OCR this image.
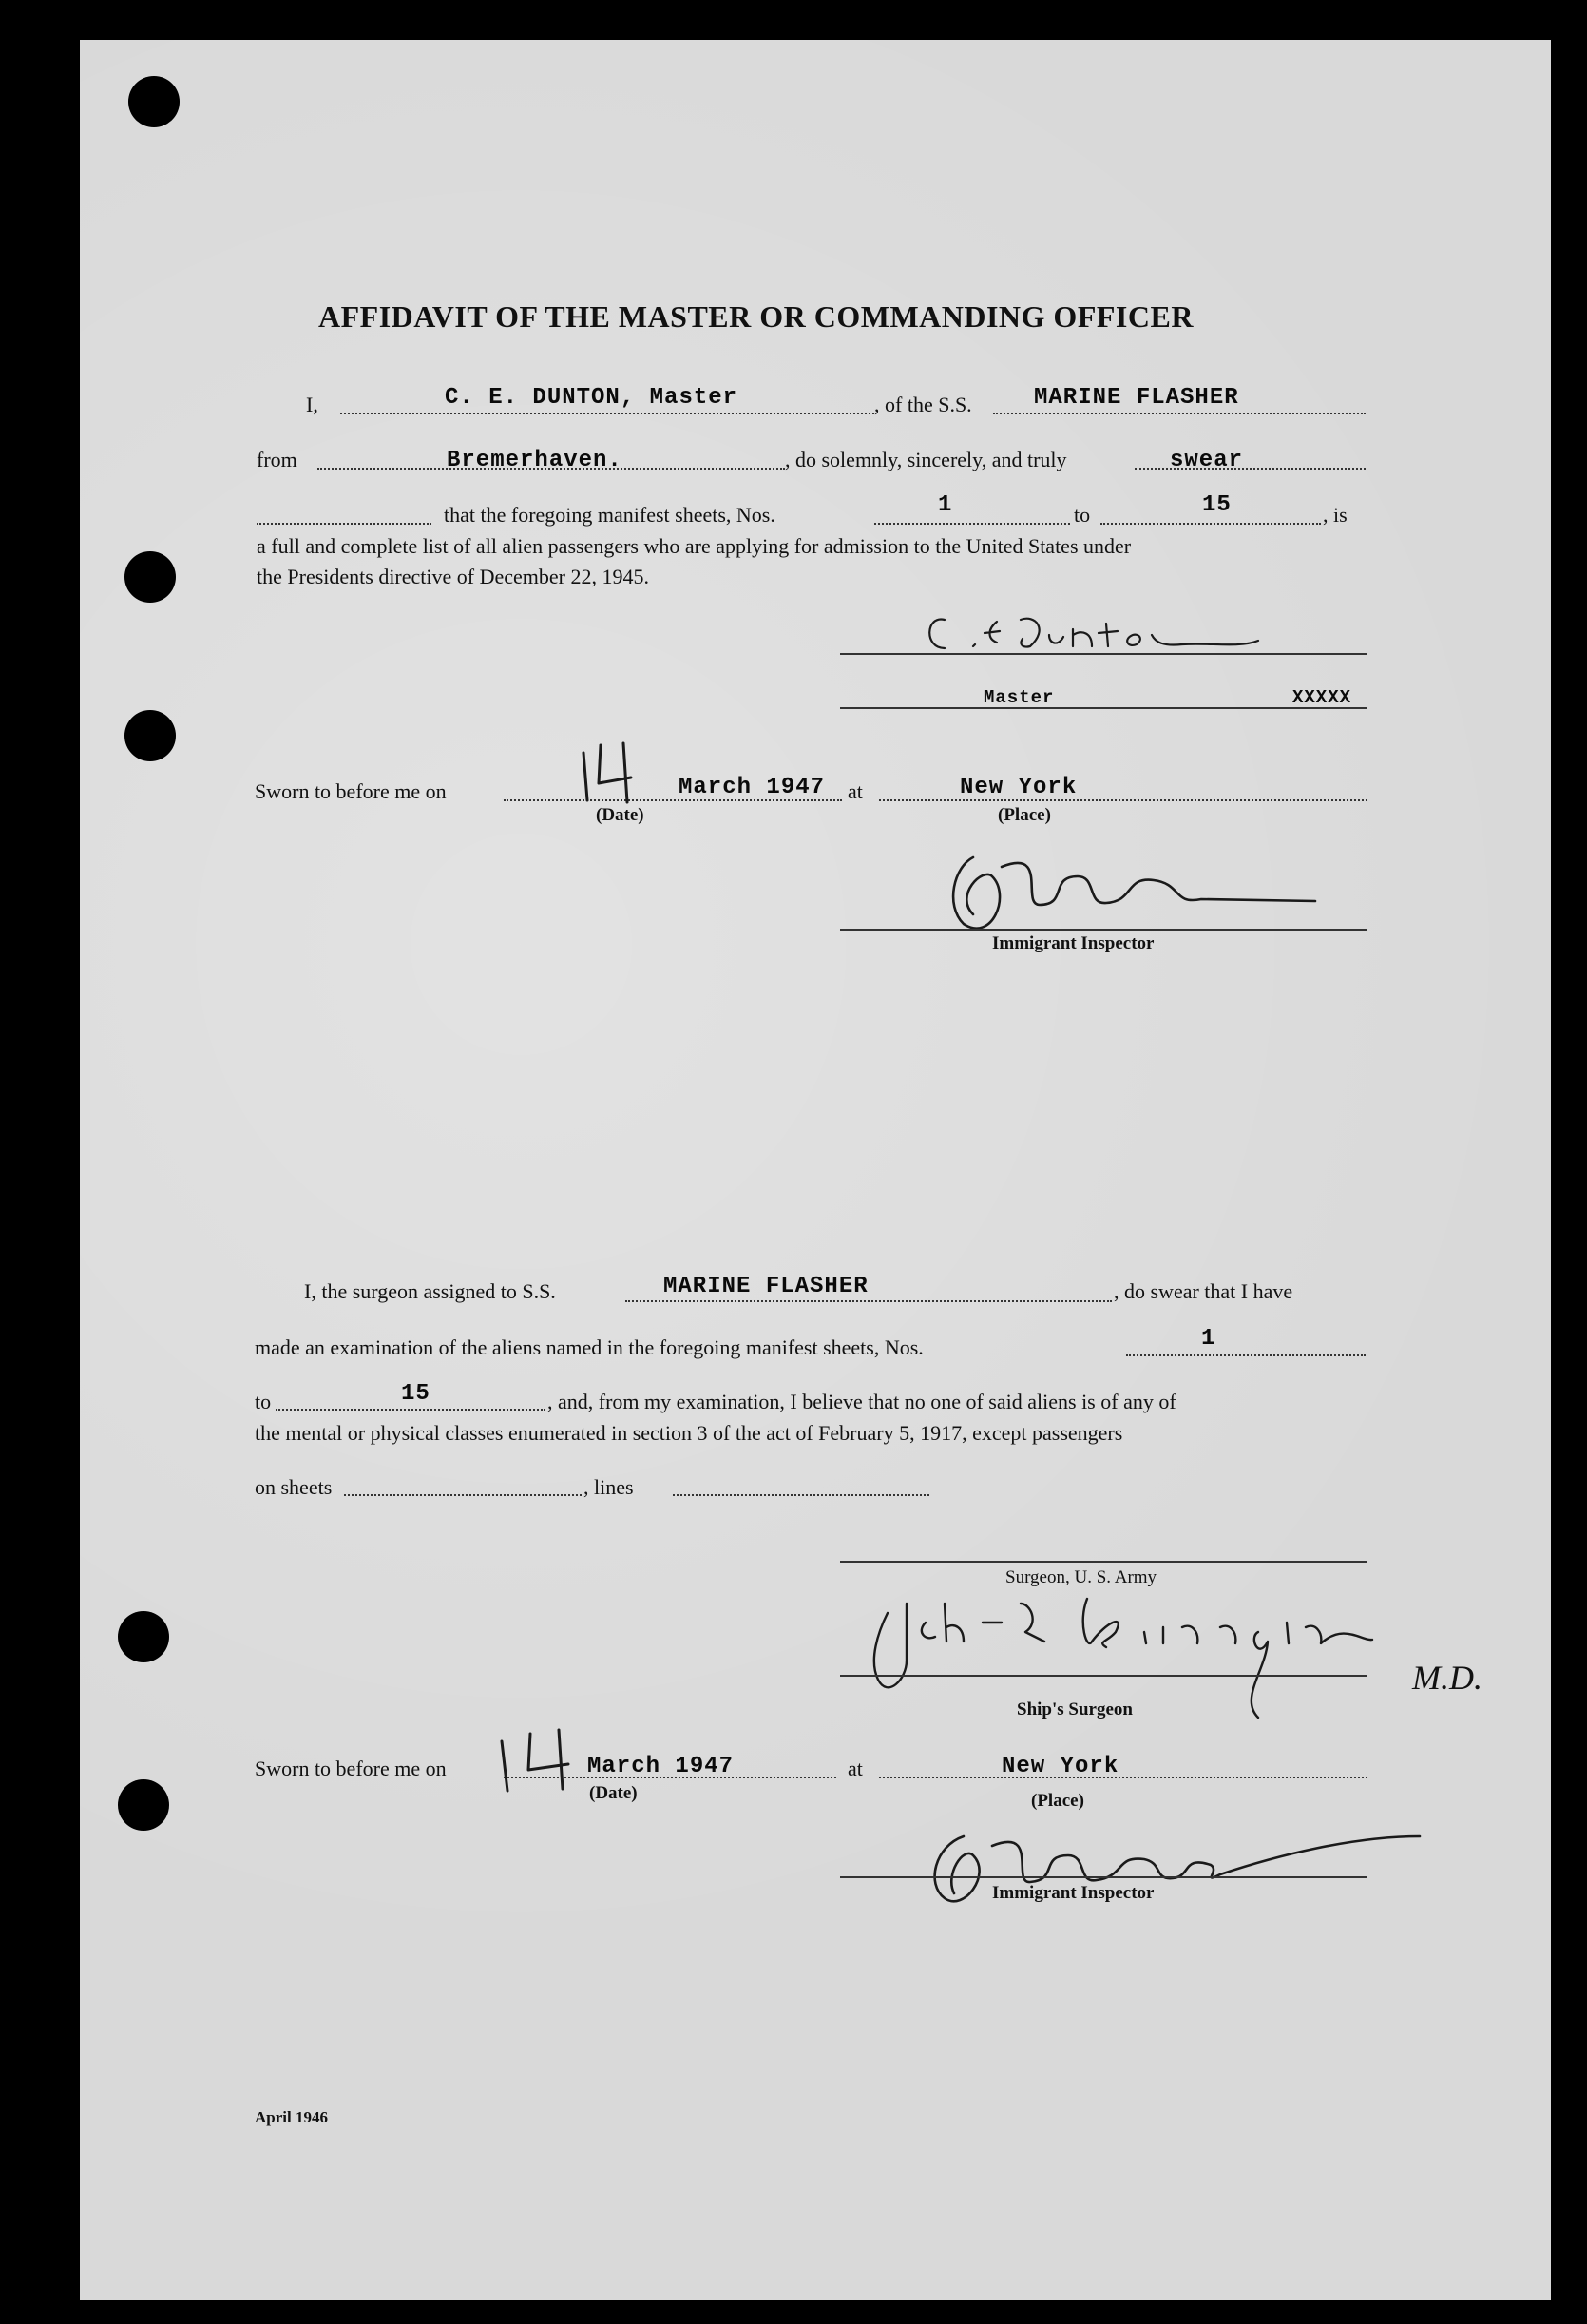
AFFIDAVIT OF THE MASTER OR COMMANDING OFFICER
I,	C. E. DUNTON, Master	, of the S.S.	MARINE FLASHER
from	Bremerhaven.	, do solemnly, sincerely, and truly	swear
that the foregoing manifest sheets, Nos.	1	to	15	, is
a full and complete list of all alien passengers who are applying for admission to the United States under
the Presidents directive of December 22, 1945.
Master	XXXXX
Sworn to before me on	March 1947 at	New York
(Date)	(Place)
Immigrant Inspector
I, the surgeon assigned to S.S.	MARINE FLASHER	, do swear that I have
made an examination of the aliens named in the foregoing manifest sheets, Nos.	1
to	15	, and, from my examination, I believe that no one of said aliens is of any of
the mental or physical classes enumerated in section 3 of the act of February 5, 1917, except passengers
on sheets	, lines
Surgeon, U. S. Army
M.D.
Ship's Surgeon
Sworn to before me on	March 1947	at	New York
(Date)	(Place)
Immigrant Inspector
April 1946
